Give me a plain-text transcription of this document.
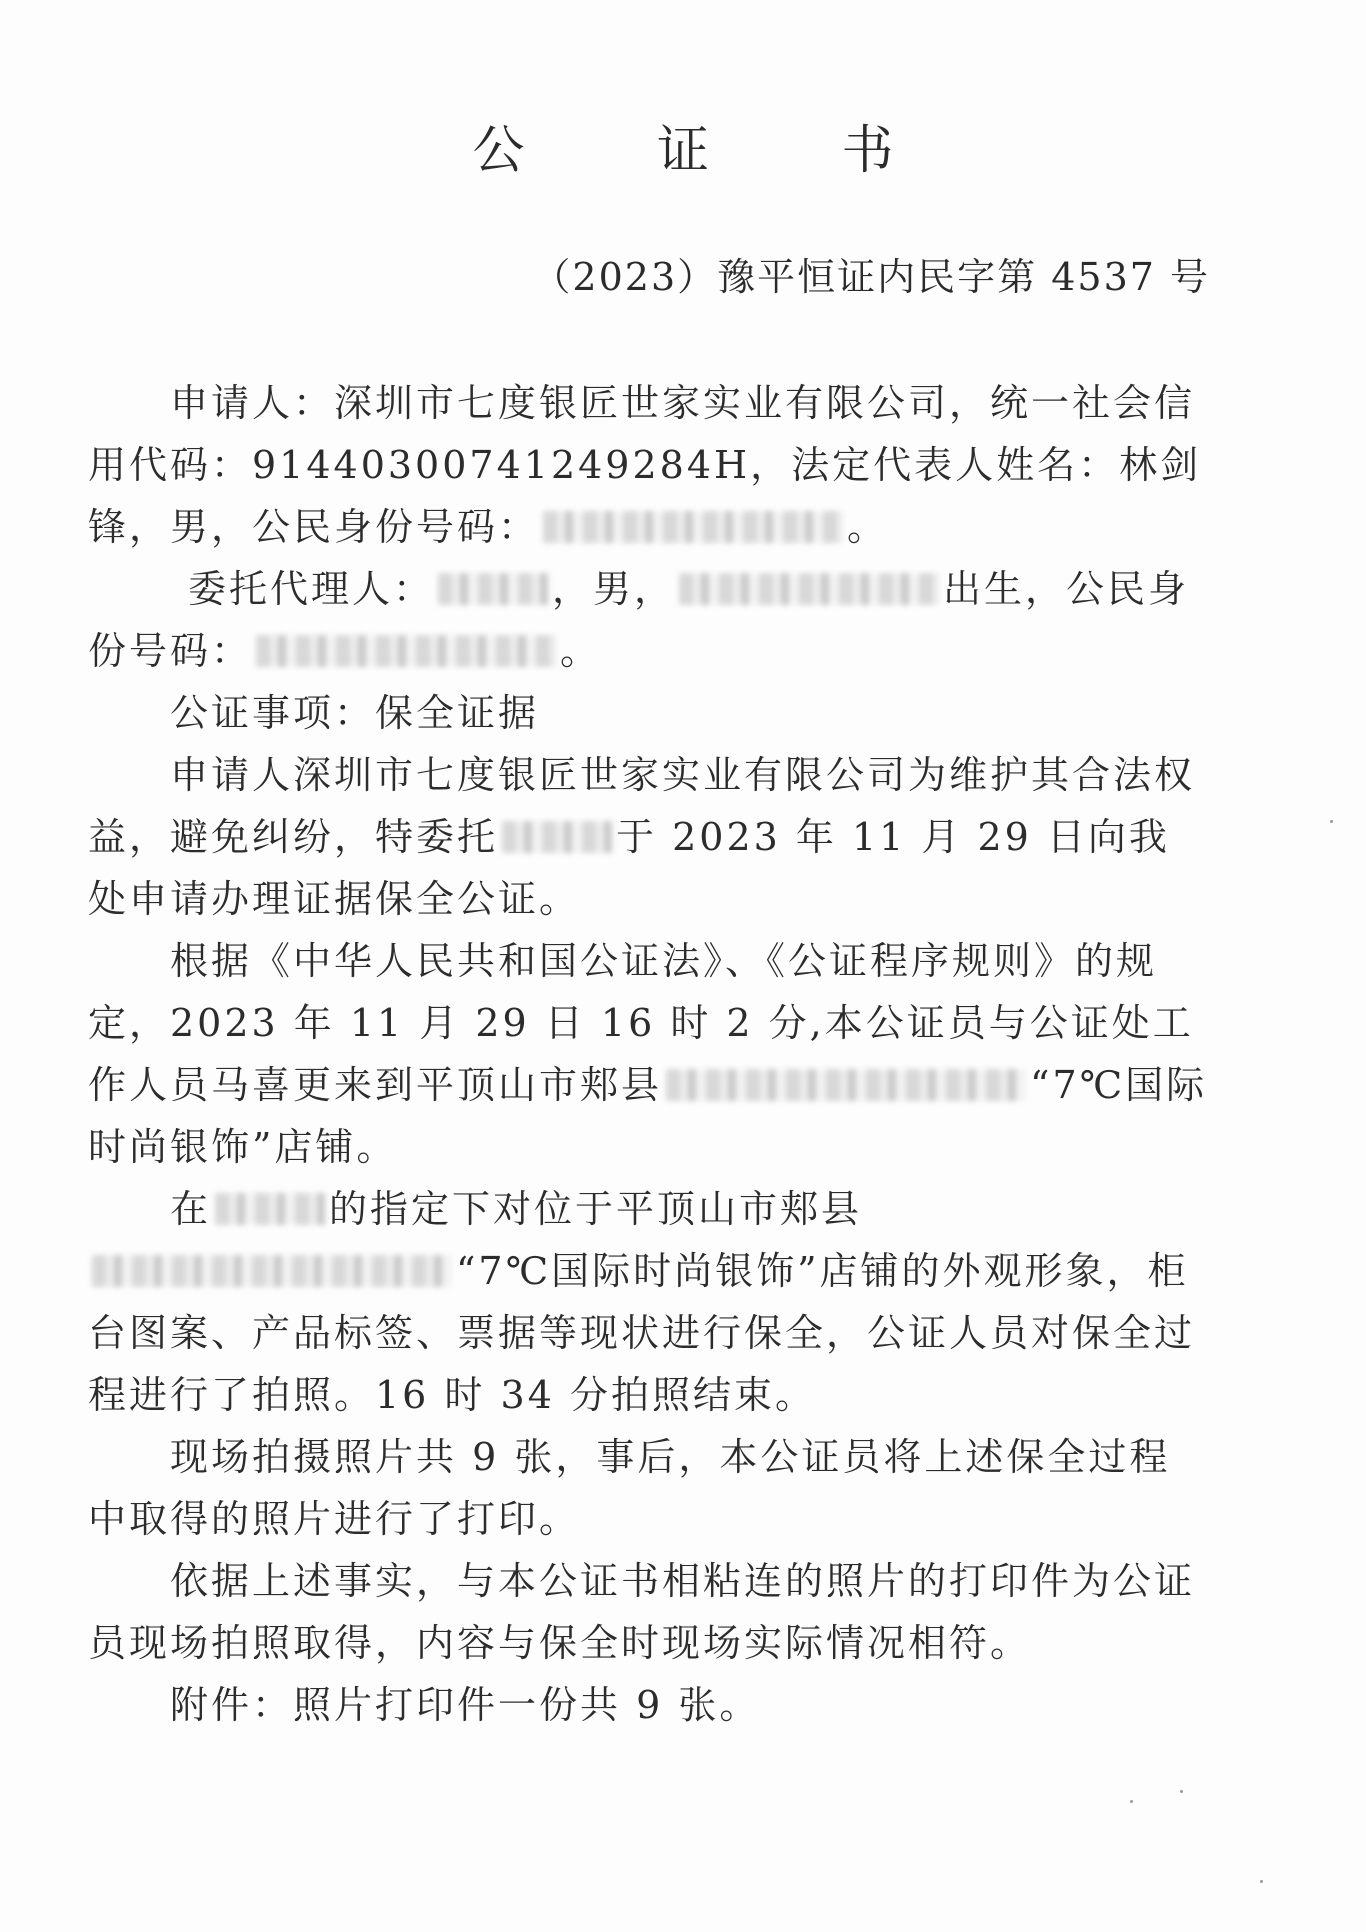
公 证 书
（2023）豫平恒证内民字第 4537 号

申请人：深圳市七度银匠世家实业有限公司，统一社会信用代码：91440300741249284H，法定代表人姓名：林剑锋，男，公民身份号码：	。

委托代理人：	，男，	出生，公民身份号码：	。

公证事项：保全证据

申请人深圳市七度银匠世家实业有限公司为维护其合法权益，避免纠纷，特委托	于 2023 年 11 月 29 日向我处申请办理证据保全公证。

根据《中华人民共和国公证法》、《公证程序规则》的规定，2023 年 11 月 29 日 16 时 2 分,本公证员与公证处工作人员马喜更来到平顶山市郏县	“7℃国际时尚银饰”店铺。

在	的指定下对位于平顶山市郏县“7℃国际时尚银饰”店铺的外观形象，柜台图案、产品标签、票据等现状进行保全，公证人员对保全过程进行了拍照。16 时 34 分拍照结束。

现场拍摄照片共 9 张，事后，本公证员将上述保全过程中取得的照片进行了打印。

依据上述事实，与本公证书相粘连的照片的打印件为公证员现场拍照取得，内容与保全时现场实际情况相符。

附件：照片打印件一份共 9 张。
